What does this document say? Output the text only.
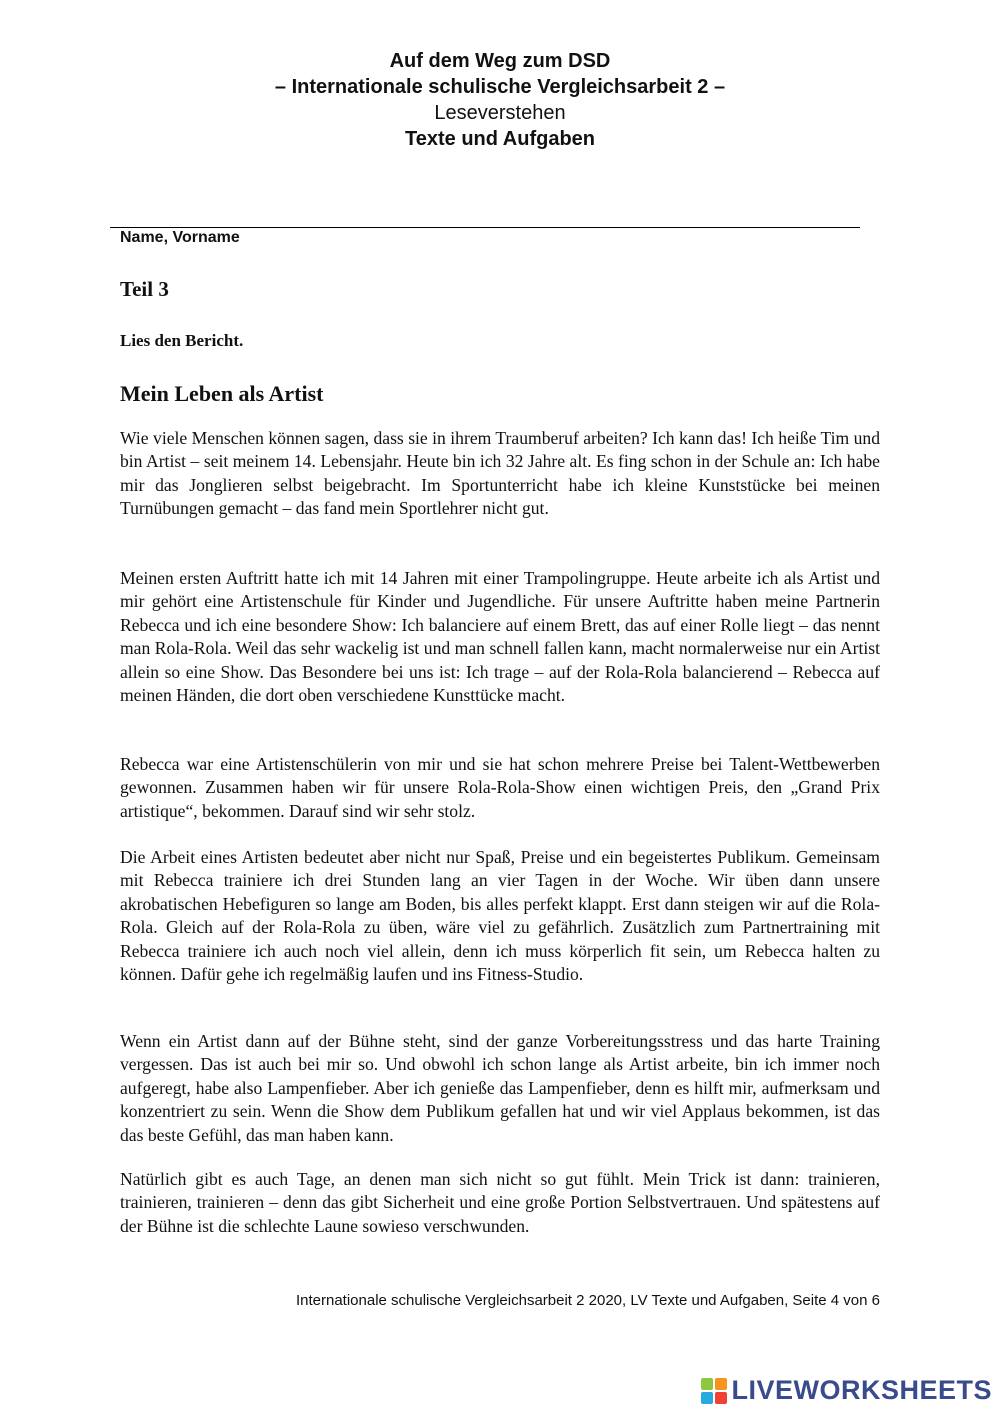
Auf dem Weg zum DSD
– Internationale schulische Vergleichsarbeit 2 –
Leseverstehen
Texte und Aufgaben
Name, Vorname
Teil 3
Lies den Bericht.
Mein Leben als Artist

Wie viele Menschen können sagen, dass sie in ihrem Traumberuf arbeiten? Ich kann das! Ich heiße Tim und bin Artist – seit meinem 14. Lebensjahr. Heute bin ich 32 Jahre alt. Es fing schon in der Schule an: Ich habe mir das Jonglieren selbst beigebracht. Im Sportunterricht habe ich kleine Kunststücke bei meinen Turnübungen gemacht – das fand mein Sportlehrer nicht gut.

Meinen ersten Auftritt hatte ich mit 14 Jahren mit einer Trampolingruppe. Heute arbeite ich als Artist und mir gehört eine Artistenschule für Kinder und Jugendliche. Für unsere Auftritte haben meine Partnerin Rebecca und ich eine besondere Show: Ich balanciere auf einem Brett, das auf einer Rolle liegt – das nennt man Rola-Rola. Weil das sehr wackelig ist und man schnell fallen kann, macht normalerweise nur ein Artist allein so eine Show. Das Besondere bei uns ist: Ich trage – auf der Rola-Rola balancierend – Rebecca auf meinen Händen, die dort oben verschiedene Kunsttücke macht.

Rebecca war eine Artistenschülerin von mir und sie hat schon mehrere Preise bei Talent-Wettbewerben gewonnen. Zusammen haben wir für unsere Rola-Rola-Show einen wichtigen Preis, den „Grand Prix artistique“, bekommen. Darauf sind wir sehr stolz.

Die Arbeit eines Artisten bedeutet aber nicht nur Spaß, Preise und ein begeistertes Publikum. Gemeinsam mit Rebecca trainiere ich drei Stunden lang an vier Tagen in der Woche. Wir üben dann unsere akrobatischen Hebefiguren so lange am Boden, bis alles perfekt klappt. Erst dann steigen wir auf die Rola-Rola. Gleich auf der Rola-Rola zu üben, wäre viel zu gefährlich. Zusätzlich zum Partnertraining mit Rebecca trainiere ich auch noch viel allein, denn ich muss körperlich fit sein, um Rebecca halten zu können. Dafür gehe ich regelmäßig laufen und ins Fitness-Studio.

Wenn ein Artist dann auf der Bühne steht, sind der ganze Vorbereitungsstress und das harte Training vergessen. Das ist auch bei mir so. Und obwohl ich schon lange als Artist arbeite, bin ich immer noch aufgeregt, habe also Lampenfieber. Aber ich genieße das Lampenfieber, denn es hilft mir, aufmerksam und konzentriert zu sein. Wenn die Show dem Publikum gefallen hat und wir viel Applaus bekommen, ist das das beste Gefühl, das man haben kann.

Natürlich gibt es auch Tage, an denen man sich nicht so gut fühlt. Mein Trick ist dann: trainieren, trainieren, trainieren – denn das gibt Sicherheit und eine große Portion Selbstvertrauen. Und spätestens auf der Bühne ist die schlechte Laune sowieso verschwunden.

Internationale schulische Vergleichsarbeit 2 2020, LV Texte und Aufgaben, Seite 4 von 6
LIVEWORKSHEETS
